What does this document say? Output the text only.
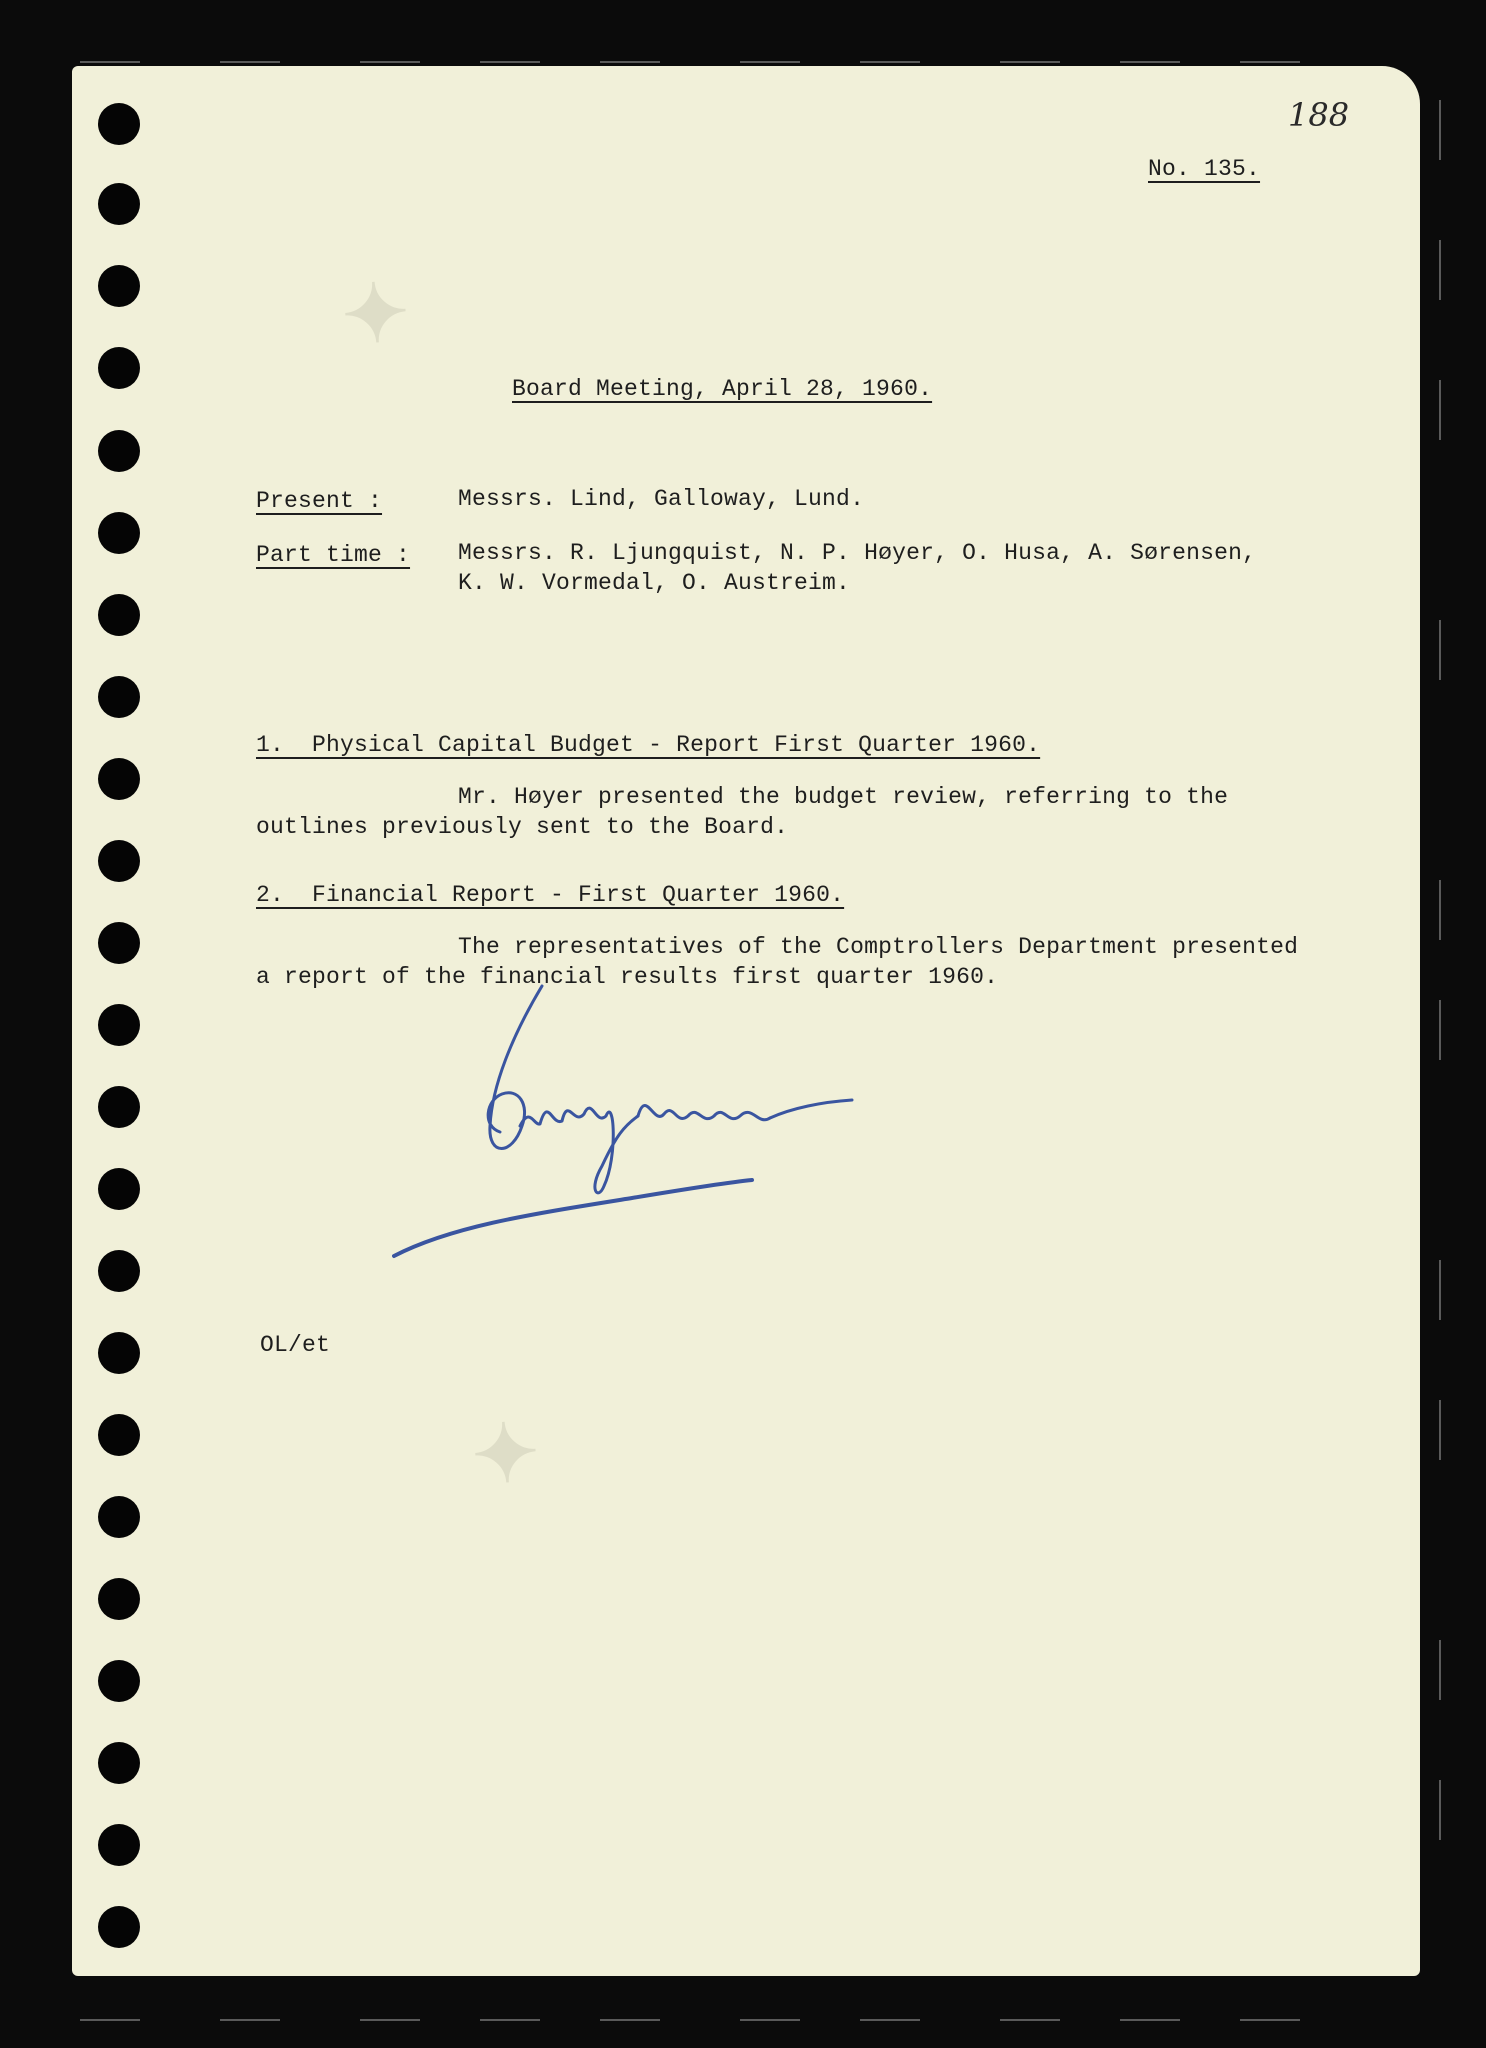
✦
✦
188
No. 135.
Board Meeting, April 28, 1960.
Present :	Messrs. Lind, Galloway, Lund.
Part time : Messrs. R. Ljungquist, N. P. Høyer, O. Husa, A. Sørensen,
K. W. Vormedal, O. Austreim.
1.  Physical Capital Budget - Report First Quarter 1960.
Mr. Høyer presented the budget review, referring to the
outlines previously sent to the Board.
2.  Financial Report - First Quarter 1960.
The representatives of the Comptrollers Department presented
a report of the financial results first quarter 1960.
OL/et
